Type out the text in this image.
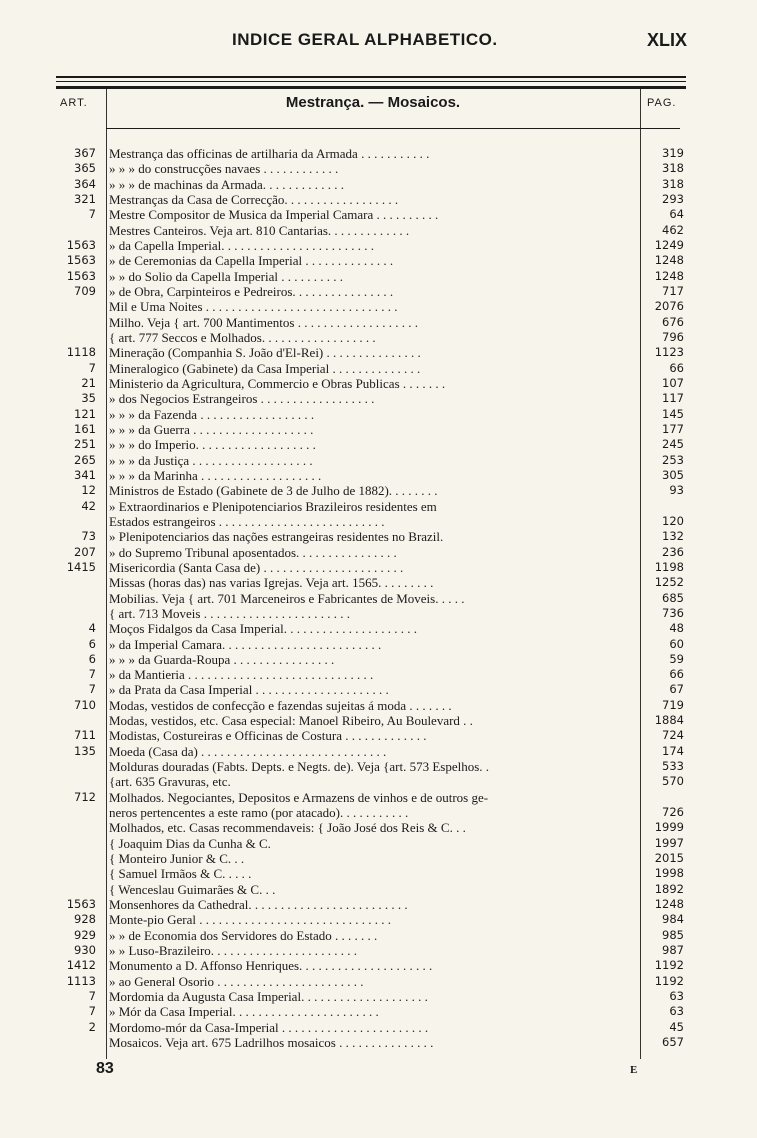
INDICE GERAL ALPHABETICO.	XLIX
ART.	Mestrança. — Mosaicos.	PAG.
367 Mestrança das officinas de artilharia da Armada . . . . . . . . . . .	319
365 » » » do construcções navaes . . . . . . . . . . . .	318
364 » » » de machinas da Armada. . . . . . . . . . . . .	318
321 Mestranças da Casa de Correcção. . . . . . . . . . . . . . . . . .	293
7 Mestre Compositor de Musica da Imperial Camara . . . . . . . . . .	64
Mestres Canteiros. Veja art. 810 Cantarias. . . . . . . . . . . . .	462
1563 » da Capella Imperial. . . . . . . . . . . . . . . . . . . . . . . .	1249
1563 » de Ceremonias da Capella Imperial . . . . . . . . . . . . . .	1248
1563 » » do Solio da Capella Imperial . . . . . . . . . .	1248
709 » de Obra, Carpinteiros e Pedreiros. . . . . . . . . . . . . . . .	717
Mil e Uma Noites . . . . . . . . . . . . . . . . . . . . . . . . . . . . . .	2076
Milho. Veja { art. 700 Mantimentos . . . . . . . . . . . . . . . . . . .	676
{ art. 777 Seccos e Molhados. . . . . . . . . . . . . . . . . .	796
1118 Mineração (Companhia S. João d'El-Rei) . . . . . . . . . . . . . . .	1123
7 Mineralogico (Gabinete) da Casa Imperial . . . . . . . . . . . . . .	66
21 Ministerio da Agricultura, Commercio e Obras Publicas . . . . . . .	107
35 » dos Negocios Estrangeiros . . . . . . . . . . . . . . . . . .	117
121 » » » da Fazenda . . . . . . . . . . . . . . . . . .	145
161 » » » da Guerra . . . . . . . . . . . . . . . . . . .	177
251 » » » do Imperio. . . . . . . . . . . . . . . . . . .	245
265 » » » da Justiça . . . . . . . . . . . . . . . . . . .	253
341 » » » da Marinha . . . . . . . . . . . . . . . . . . .	305
12 Ministros de Estado (Gabinete de 3 de Julho de 1882). . . . . . . .	93
42 » Extraordinarios e Plenipotenciarios Brazileiros residentes em
Estados estrangeiros . . . . . . . . . . . . . . . . . . . . . . . . . .	120
73 » Plenipotenciarios das nações estrangeiras residentes no Brazil.	132
207 » do Supremo Tribunal aposentados. . . . . . . . . . . . . . . .	236
1415 Misericordia (Santa Casa de) . . . . . . . . . . . . . . . . . . . . . .	1198
Missas (horas das) nas varias Igrejas. Veja art. 1565. . . . . . . . .	1252
Mobilias. Veja { art. 701 Marceneiros e Fabricantes de Moveis. . . . .	685
{ art. 713 Moveis . . . . . . . . . . . . . . . . . . . . . . .	736
4 Moços Fidalgos da Casa Imperial. . . . . . . . . . . . . . . . . . . . .	48
6 » da Imperial Camara. . . . . . . . . . . . . . . . . . . . . . . . .	60
6 » » » da Guarda-Roupa . . . . . . . . . . . . . . . .	59
7 » da Mantieria . . . . . . . . . . . . . . . . . . . . . . . . . . . . .	66
7 » da Prata da Casa Imperial . . . . . . . . . . . . . . . . . . . . .	67
710 Modas, vestidos de confecção e fazendas sujeitas á moda . . . . . . .	719
Modas, vestidos, etc. Casa especial: Manoel Ribeiro, Au Boulevard . .	1884
711 Modistas, Costureiras e Officinas de Costura . . . . . . . . . . . . .	724
135 Moeda (Casa da) . . . . . . . . . . . . . . . . . . . . . . . . . . . . .	174
Molduras douradas (Fabts. Depts. e Negts. de). Veja {art. 573 Espelhos. .	533
{art. 635 Gravuras, etc.	570
712 Molhados. Negociantes, Depositos e Armazens de vinhos e de outros ge-
neros pertencentes a este ramo (por atacado). . . . . . . . . . .	726
Molhados, etc. Casas recommendaveis: { João José dos Reis & C. . .	1999
{ Joaquim Dias da Cunha & C.	1997
{ Monteiro Junior & C. . .	2015
{ Samuel Irmãos & C. . . . .	1998
{ Wenceslau Guimarães & C. . .	1892
1563 Monsenhores da Cathedral. . . . . . . . . . . . . . . . . . . . . . . . .	1248
928 Monte-pio Geral . . . . . . . . . . . . . . . . . . . . . . . . . . . . . .	984
929 » » de Economia dos Servidores do Estado . . . . . . .	985
930 » » Luso-Brazileiro. . . . . . . . . . . . . . . . . . . . . . .	987
1412 Monumento a D. Affonso Henriques. . . . . . . . . . . . . . . . . . . . .	1192
1113 » ao General Osorio . . . . . . . . . . . . . . . . . . . . . . .	1192
7 Mordomia da Augusta Casa Imperial. . . . . . . . . . . . . . . . . . . .	63
7 » Mór da Casa Imperial. . . . . . . . . . . . . . . . . . . . . . .	63
2 Mordomo-mór da Casa-Imperial . . . . . . . . . . . . . . . . . . . . . . .	45
Mosaicos. Veja art. 675 Ladrilhos mosaicos . . . . . . . . . . . . . . .	657
83	E
